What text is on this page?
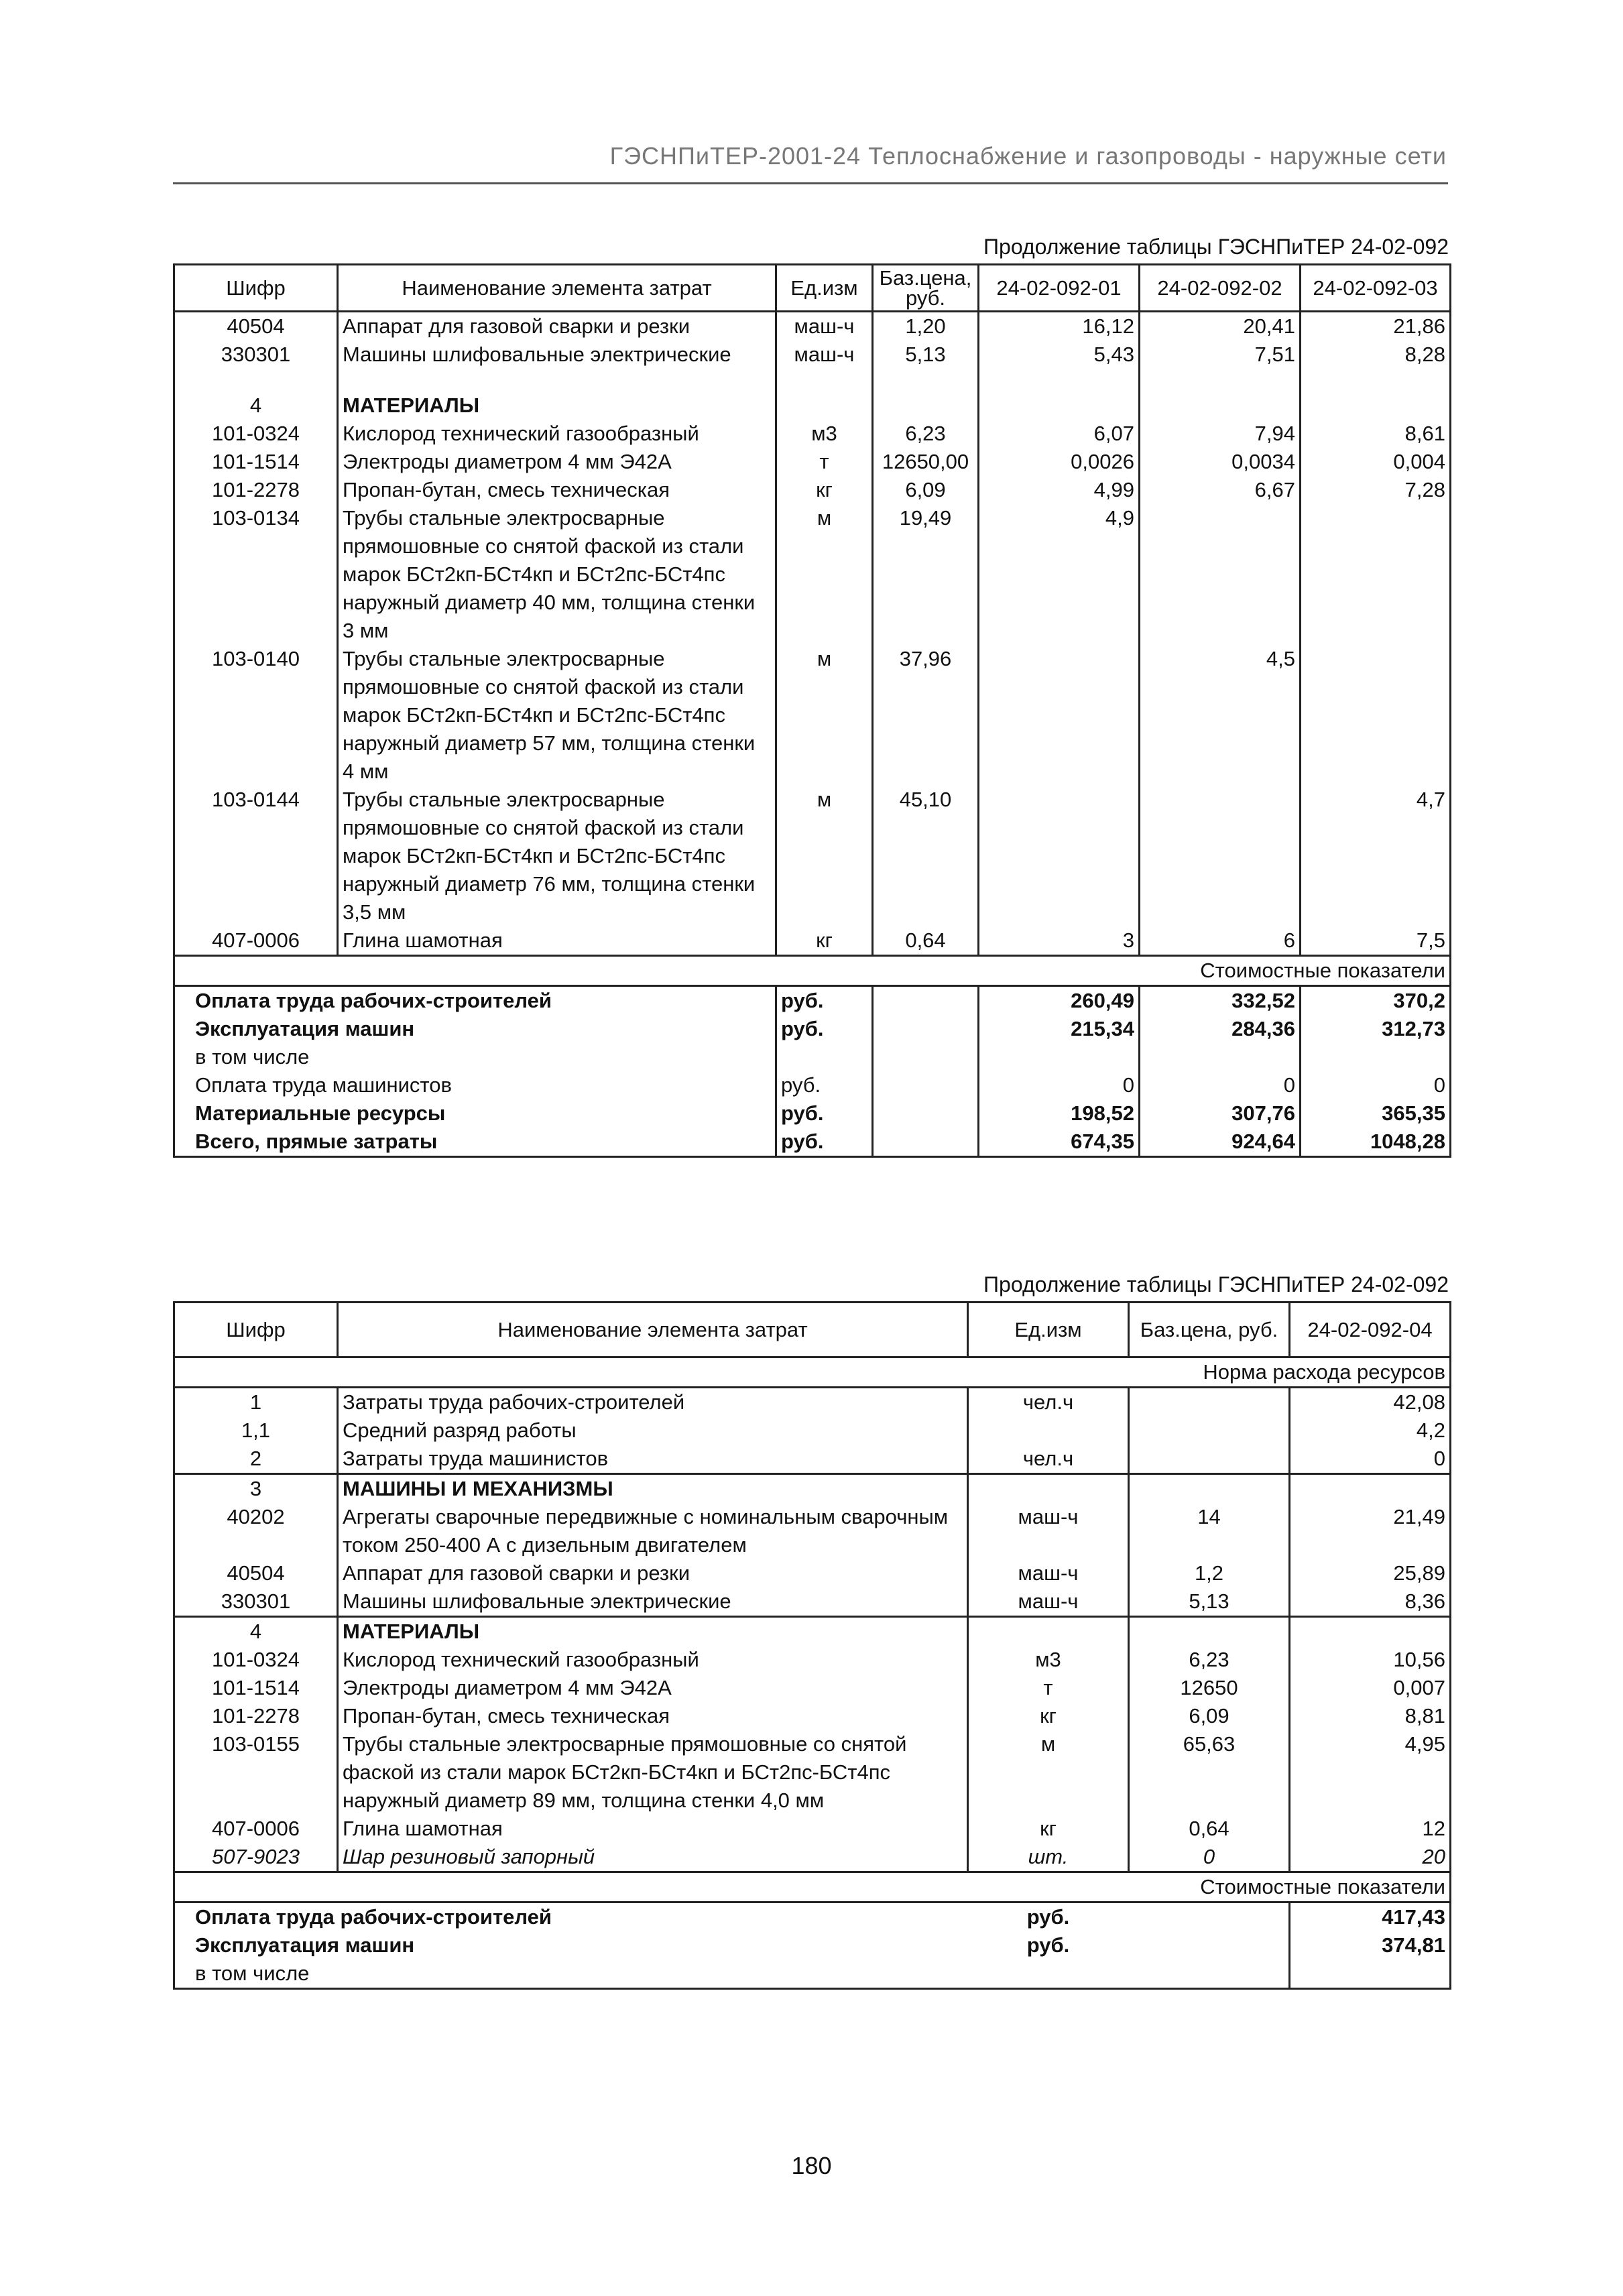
ГЭСНПиТЕР-2001-24 Теплоснабжение и газопроводы - наружные сети
Продолжение таблицы ГЭСНПиТЕР 24-02-092
Шифр	Наименование элемента затрат	Ед.изм	Баз.цена, руб.	24-02-092-01	24-02-092-02	24-02-092-03
40504	Аппарат для газовой сварки и резки	маш-ч	1,20	16,12	20,41	21,86
330301	Машины шлифовальные электрические	маш-ч	5,13	5,43	7,51	8,28

4	МАТЕРИАЛЫ					
101-0324	Кислород технический газообразный	м3	6,23	6,07	7,94	8,61
101-1514	Электроды диаметром 4 мм Э42А	т	12650,00	0,0026	0,0034	0,004
101-2278	Пропан-бутан, смесь техническая	кг	6,09	4,99	6,67	7,28
103-0134	Трубы стальные электросварные прямошовные со снятой фаской из стали марок БСт2кп-БСт4кп и БСт2пс-БСт4пс наружный диаметр 40 мм, толщина стенки 3 мм	м	19,49	4,9		
103-0140	Трубы стальные электросварные прямошовные со снятой фаской из стали марок БСт2кп-БСт4кп и БСт2пс-БСт4пс наружный диаметр 57 мм, толщина стенки 4 мм	м	37,96		4,5	
103-0144	Трубы стальные электросварные прямошовные со снятой фаской из стали марок БСт2кп-БСт4кп и БСт2пс-БСт4пс наружный диаметр 76 мм, толщина стенки 3,5 мм	м	45,10			4,7
407-0006	Глина шамотная	кг	0,64	3	6	7,5
Стоимостные показатели						
Оплата труда рабочих-строителей		руб.		260,49	332,52	370,2
Эксплуатация машин		руб.		215,34	284,36	312,73
в том числе						
Оплата труда машинистов		руб.		0	0	0
Материальные ресурсы		руб.		198,52	307,76	365,35
Всего, прямые затраты		руб.		674,35	924,64	1048,28
Продолжение таблицы ГЭСНПиТЕР 24-02-092
Шифр	Наименование элемента затрат	Ед.изм	Баз.цена, руб.	24-02-092-04
Норма расхода ресурсов				
1	Затраты труда рабочих-строителей	чел.ч		42,08
1,1	Средний разряд работы			4,2
2	Затраты труда машинистов	чел.ч		0
3	МАШИНЫ И МЕХАНИЗМЫ			
40202	Агрегаты сварочные передвижные с номинальным сварочным током 250-400 А с дизельным двигателем	маш-ч	14	21,49
40504	Аппарат для газовой сварки и резки	маш-ч	1,2	25,89
330301	Машины шлифовальные электрические	маш-ч	5,13	8,36
4	МАТЕРИАЛЫ			
101-0324	Кислород технический газообразный	м3	6,23	10,56
101-1514	Электроды диаметром 4 мм Э42А	т	12650	0,007
101-2278	Пропан-бутан, смесь техническая	кг	6,09	8,81
103-0155	Трубы стальные электросварные прямошовные со снятой фаской из стали марок БСт2кп-БСт4кп и БСт2пс-БСт4пс наружный диаметр 89 мм, толщина стенки 4,0 мм	м	65,63	4,95
407-0006	Глина шамотная	кг	0,64	12
507-9023	Шар резиновый запорный	шт.	0	20
Стоимостные показатели				
Оплата труда рабочих-строителей		руб.		417,43
Эксплуатация машин		руб.		374,81
в том числе				
180
